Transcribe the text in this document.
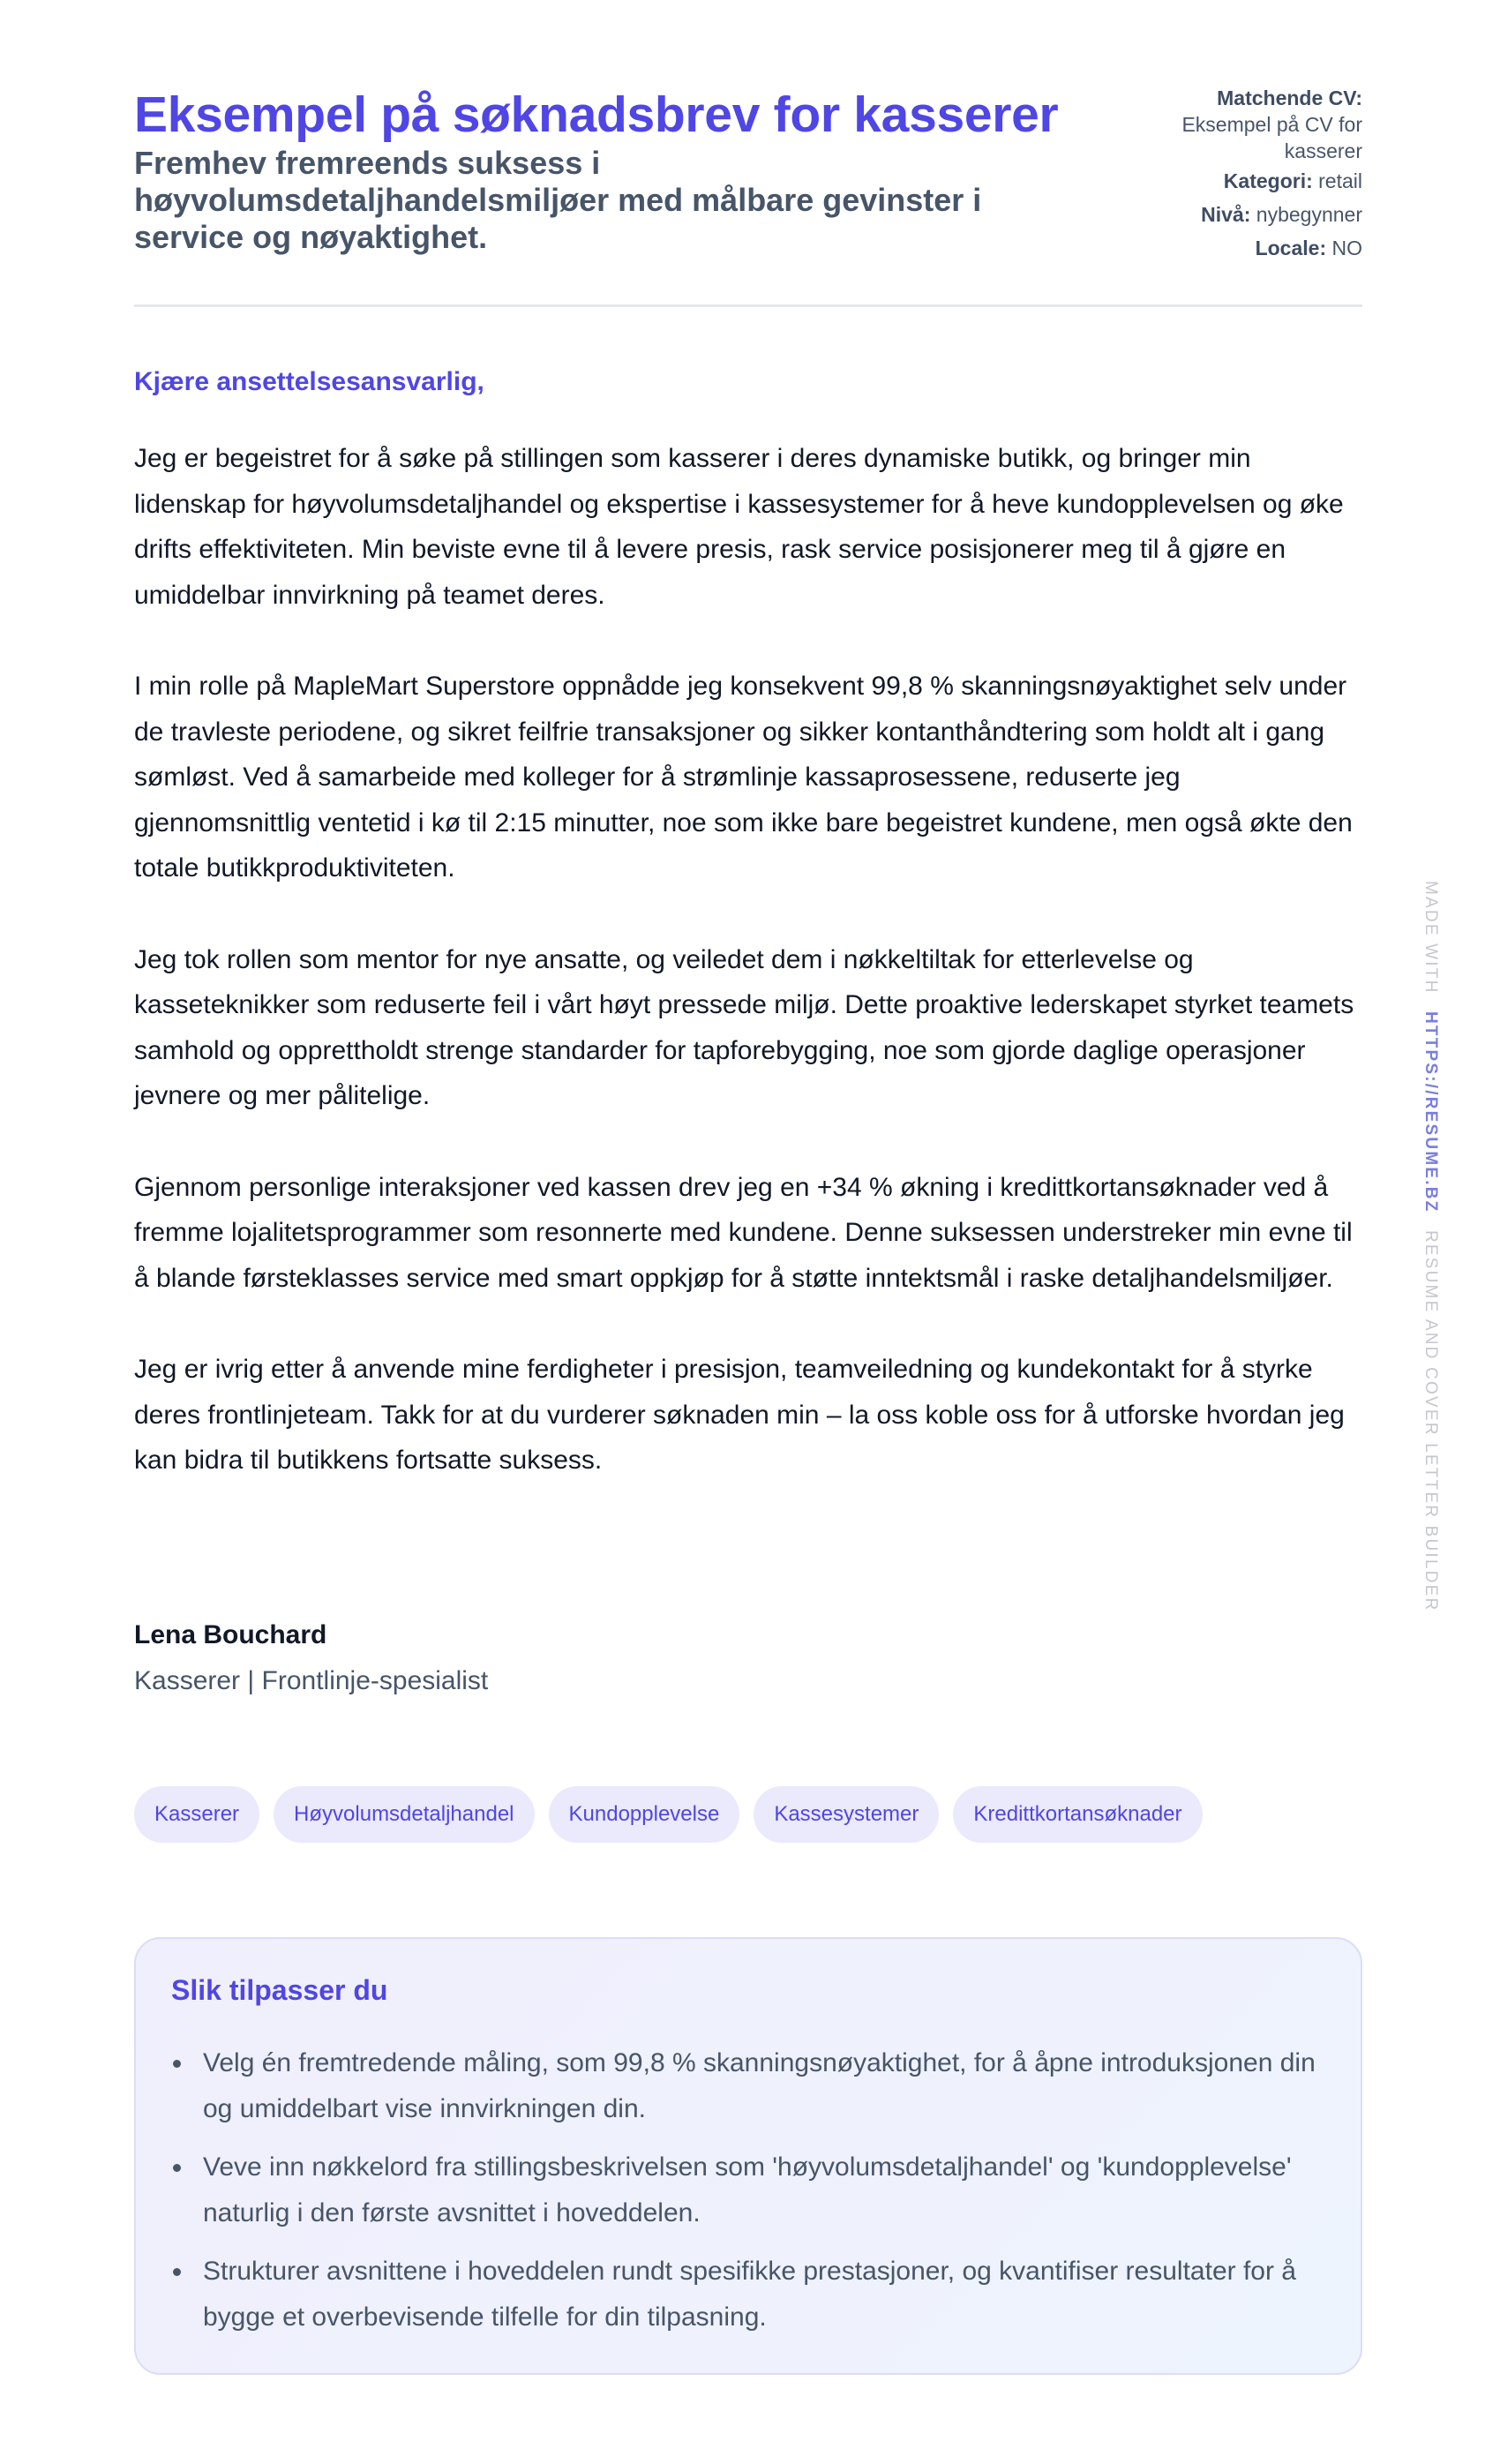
Eksempel på søknadsbrev for kasserer

Fremhev fremreends suksess i høyvolumsdetaljhandelsmiljøer med målbare gevinster i service og nøyaktighet.

Matchende CV:
Eksempel på CV for kasserer
Kategori: retail
Nivå: nybegynner
Locale: NO

Kjære ansettelsesansvarlig,

Jeg er begeistret for å søke på stillingen som kasserer i deres dynamiske butikk, og bringer min lidenskap for høyvolumsdetaljhandel og ekspertise i kassesystemer for å heve kundopplevelsen og øke drifts effektiviteten. Min beviste evne til å levere presis, rask service posisjonerer meg til å gjøre en umiddelbar innvirkning på teamet deres.

I min rolle på MapleMart Superstore oppnådde jeg konsekvent 99,8 % skanningsnøyaktighet selv under de travleste periodene, og sikret feilfrie transaksjoner og sikker kontanthåndtering som holdt alt i gang sømløst. Ved å samarbeide med kolleger for å strømlinje kassaprosessene, reduserte jeg gjennomsnittlig ventetid i kø til 2:15 minutter, noe som ikke bare begeistret kundene, men også økte den totale butikkproduktiviteten.

Jeg tok rollen som mentor for nye ansatte, og veiledet dem i nøkkeltiltak for etterlevelse og kasseteknikker som reduserte feil i vårt høyt pressede miljø. Dette proaktive lederskapet styrket teamets samhold og opprettholdt strenge standarder for tapforebygging, noe som gjorde daglige operasjoner jevnere og mer pålitelige.

Gjennom personlige interaksjoner ved kassen drev jeg en +34 % økning i kredittkortansøknader ved å fremme lojalitetsprogrammer som resonnerte med kundene. Denne suksessen understreker min evne til å blande førsteklasses service med smart oppkjøp for å støtte inntektsmål i raske detaljhandelsmiljøer.

Jeg er ivrig etter å anvende mine ferdigheter i presisjon, teamveiledning og kundekontakt for å styrke deres frontlinjeteam. Takk for at du vurderer søknaden min – la oss koble oss for å utforske hvordan jeg kan bidra til butikkens fortsatte suksess.

Lena Bouchard

Kasserer | Frontlinje-spesialist

Kasserer	Høyvolumsdetaljhandel	Kundopplevelse	Kassesystemer	Kredittkortansøknader
Slik tilpasser du
Velg én fremtredende måling, som 99,8 % skanningsnøyaktighet, for å åpne introduksjonen din og umiddelbart vise innvirkningen din.
Veve inn nøkkelord fra stillingsbeskrivelsen som 'høyvolumsdetaljhandel' og 'kundopplevelse' naturlig i den første avsnittet i hoveddelen.
Strukturer avsnittene i hoveddelen rundt spesifikke prestasjoner, og kvantifiser resultater for å bygge et overbevisende tilfelle for din tilpasning.
MADE WITH HTTPS://RESUME.BZ RESUME AND COVER LETTER BUILDER
